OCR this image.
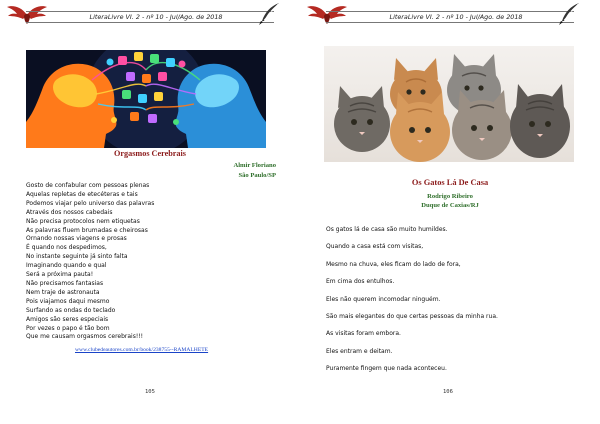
LiteraLivre VI. 2 - nº 10 - Jul/Ago. de 2018
Orgasmos Cerebrais
Almir Floriano
São Paulo/SP
Gosto de confabular com pessoas plenas
Aquelas repletas de etecéteras e tais
Podemos viajar pelo universo das palavras
Através dos nossos cabedais
Não precisa protocolos nem etiquetas
As palavras fluem brumadas e cheirosas
Ornando nossas viagens e prosas
É quando nos despedimos,
No instante seguinte já sinto falta
Imaginando quando e qual
Será a próxima pauta!
Não precisamos fantasias
Nem traje de astronauta
Pois viajamos daqui mesmo
Surfando as ondas do teclado
Amigos são seres especiais
Por vezes o papo é tão bom
Que me causam orgasmos cerebrais!!!
www.clubedeautores.com.br/book/238755--RAMALHETE
105
LiteraLivre VI. 2 - nº 10 - Jul/Ago. de 2018
Os Gatos Lá De Casa
Rodrigo Ribeiro
Duque de Caxias/RJ
Os gatos lá de casa são muito humildes.
Quando a casa está com visitas,
Mesmo na chuva, eles ficam do lado de fora,
Em cima dos entulhos.
Eles não querem incomodar ninguém.
São mais elegantes do que certas pessoas da minha rua.
As visitas foram embora.
Eles entram e deitam.
Puramente fingem que nada aconteceu.
106
